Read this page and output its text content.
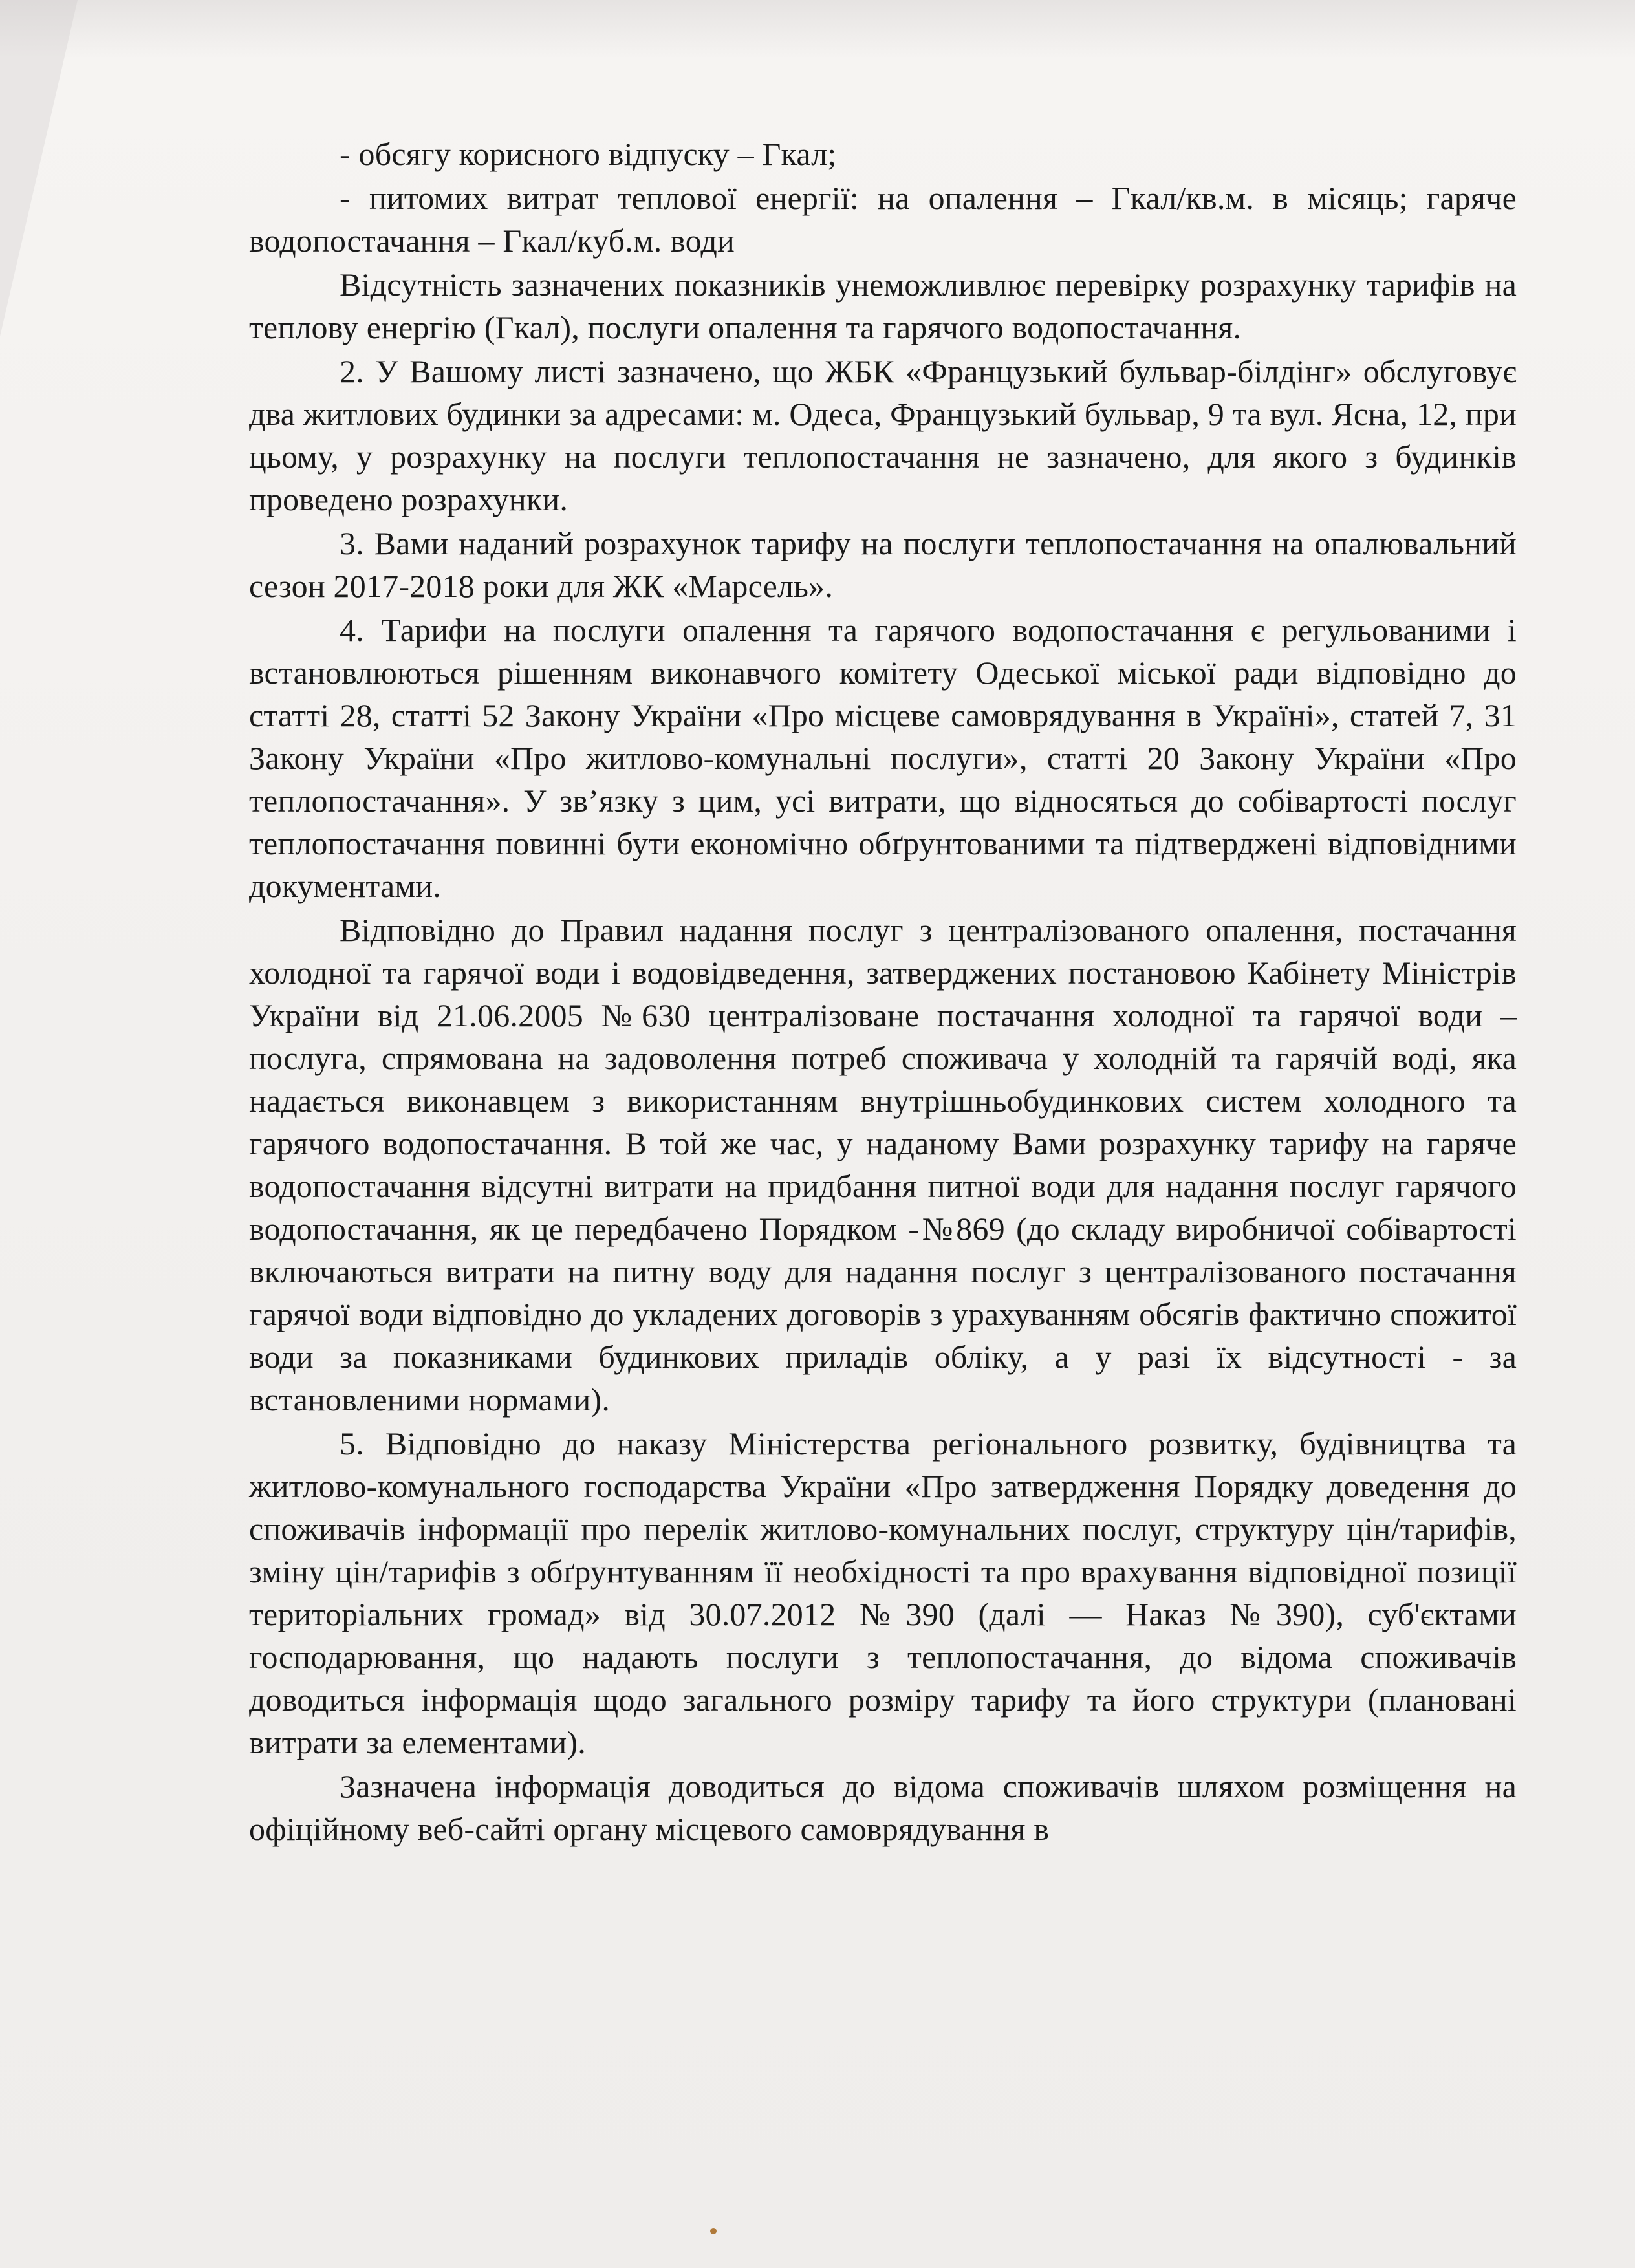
- обсягу корисного відпуску – Гкал;

- питомих витрат теплової енергії: на опалення – Гкал/кв.м. в місяць; гаряче водопостачання – Гкал/куб.м. води

Відсутність зазначених показників унеможливлює перевірку розрахунку тарифів на теплову енергію (Гкал), послуги опалення та гарячого водопостачання.

2. У Вашому листі зазначено, що ЖБК «Французький бульвар-білдінг» обслуговує два житлових будинки за адресами: м. Одеса, Французький бульвар, 9 та вул. Ясна, 12, при цьому, у розрахунку на послуги теплопостачання не зазначено, для якого з будинків проведено розрахунки.

3. Вами наданий розрахунок тарифу на послуги теплопостачання на опалювальний сезон 2017-2018 роки для ЖК «Марсель».

4. Тарифи на послуги опалення та гарячого водопостачання є регульованими і встановлюються рішенням виконавчого комітету Одеської міської ради відповідно до статті 28, статті 52 Закону України «Про місцеве самоврядування в Україні», статей 7, 31 Закону України «Про житлово-комунальні послуги», статті 20 Закону України «Про теплопостачання». У зв’язку з цим, усі витрати, що відносяться до собівартості послуг теплопостачання повинні бути економічно обґрунтованими та підтверджені відповідними документами.

Відповідно до Правил надання послуг з централізованого опалення, постачання холодної та гарячої води і водовідведення, затверджених постановою Кабінету Міністрів України від 21.06.2005 №630 централізоване постачання холодної та гарячої води – послуга, спрямована на задоволення потреб споживача у холодній та гарячій воді, яка надається виконавцем з використанням внутрішньобудинкових систем холодного та гарячого водопостачання. В той же час, у наданому Вами розрахунку тарифу на гаряче водопостачання відсутні витрати на придбання питної води для надання послуг гарячого водопостачання, як це передбачено Порядком -№869 (до складу виробничої собівартості включаються витрати на питну воду для надання послуг з централізованого постачання гарячої води відповідно до укладених договорів з урахуванням обсягів фактично спожитої води за показниками будинкових приладів обліку, а у разі їх відсутності - за встановленими нормами).

5. Відповідно до наказу Міністерства регіонального розвитку, будівництва та житлово-комунального господарства України «Про затвердження Порядку доведення до споживачів інформації про перелік житлово-комунальних послуг, структуру цін/тарифів, зміну цін/тарифів з обґрунтуванням її необхідності та про врахування відповідної позиції територіальних громад» від 30.07.2012 №390 (далі — Наказ №390), суб'єктами господарювання, що надають послуги з теплопостачання, до відома споживачів доводиться інформація щодо загального розміру тарифу та його структури (плановані витрати за елементами).

Зазначена інформація доводиться до відома споживачів шляхом розміщення на офіційному веб-сайті органу місцевого самоврядування в
